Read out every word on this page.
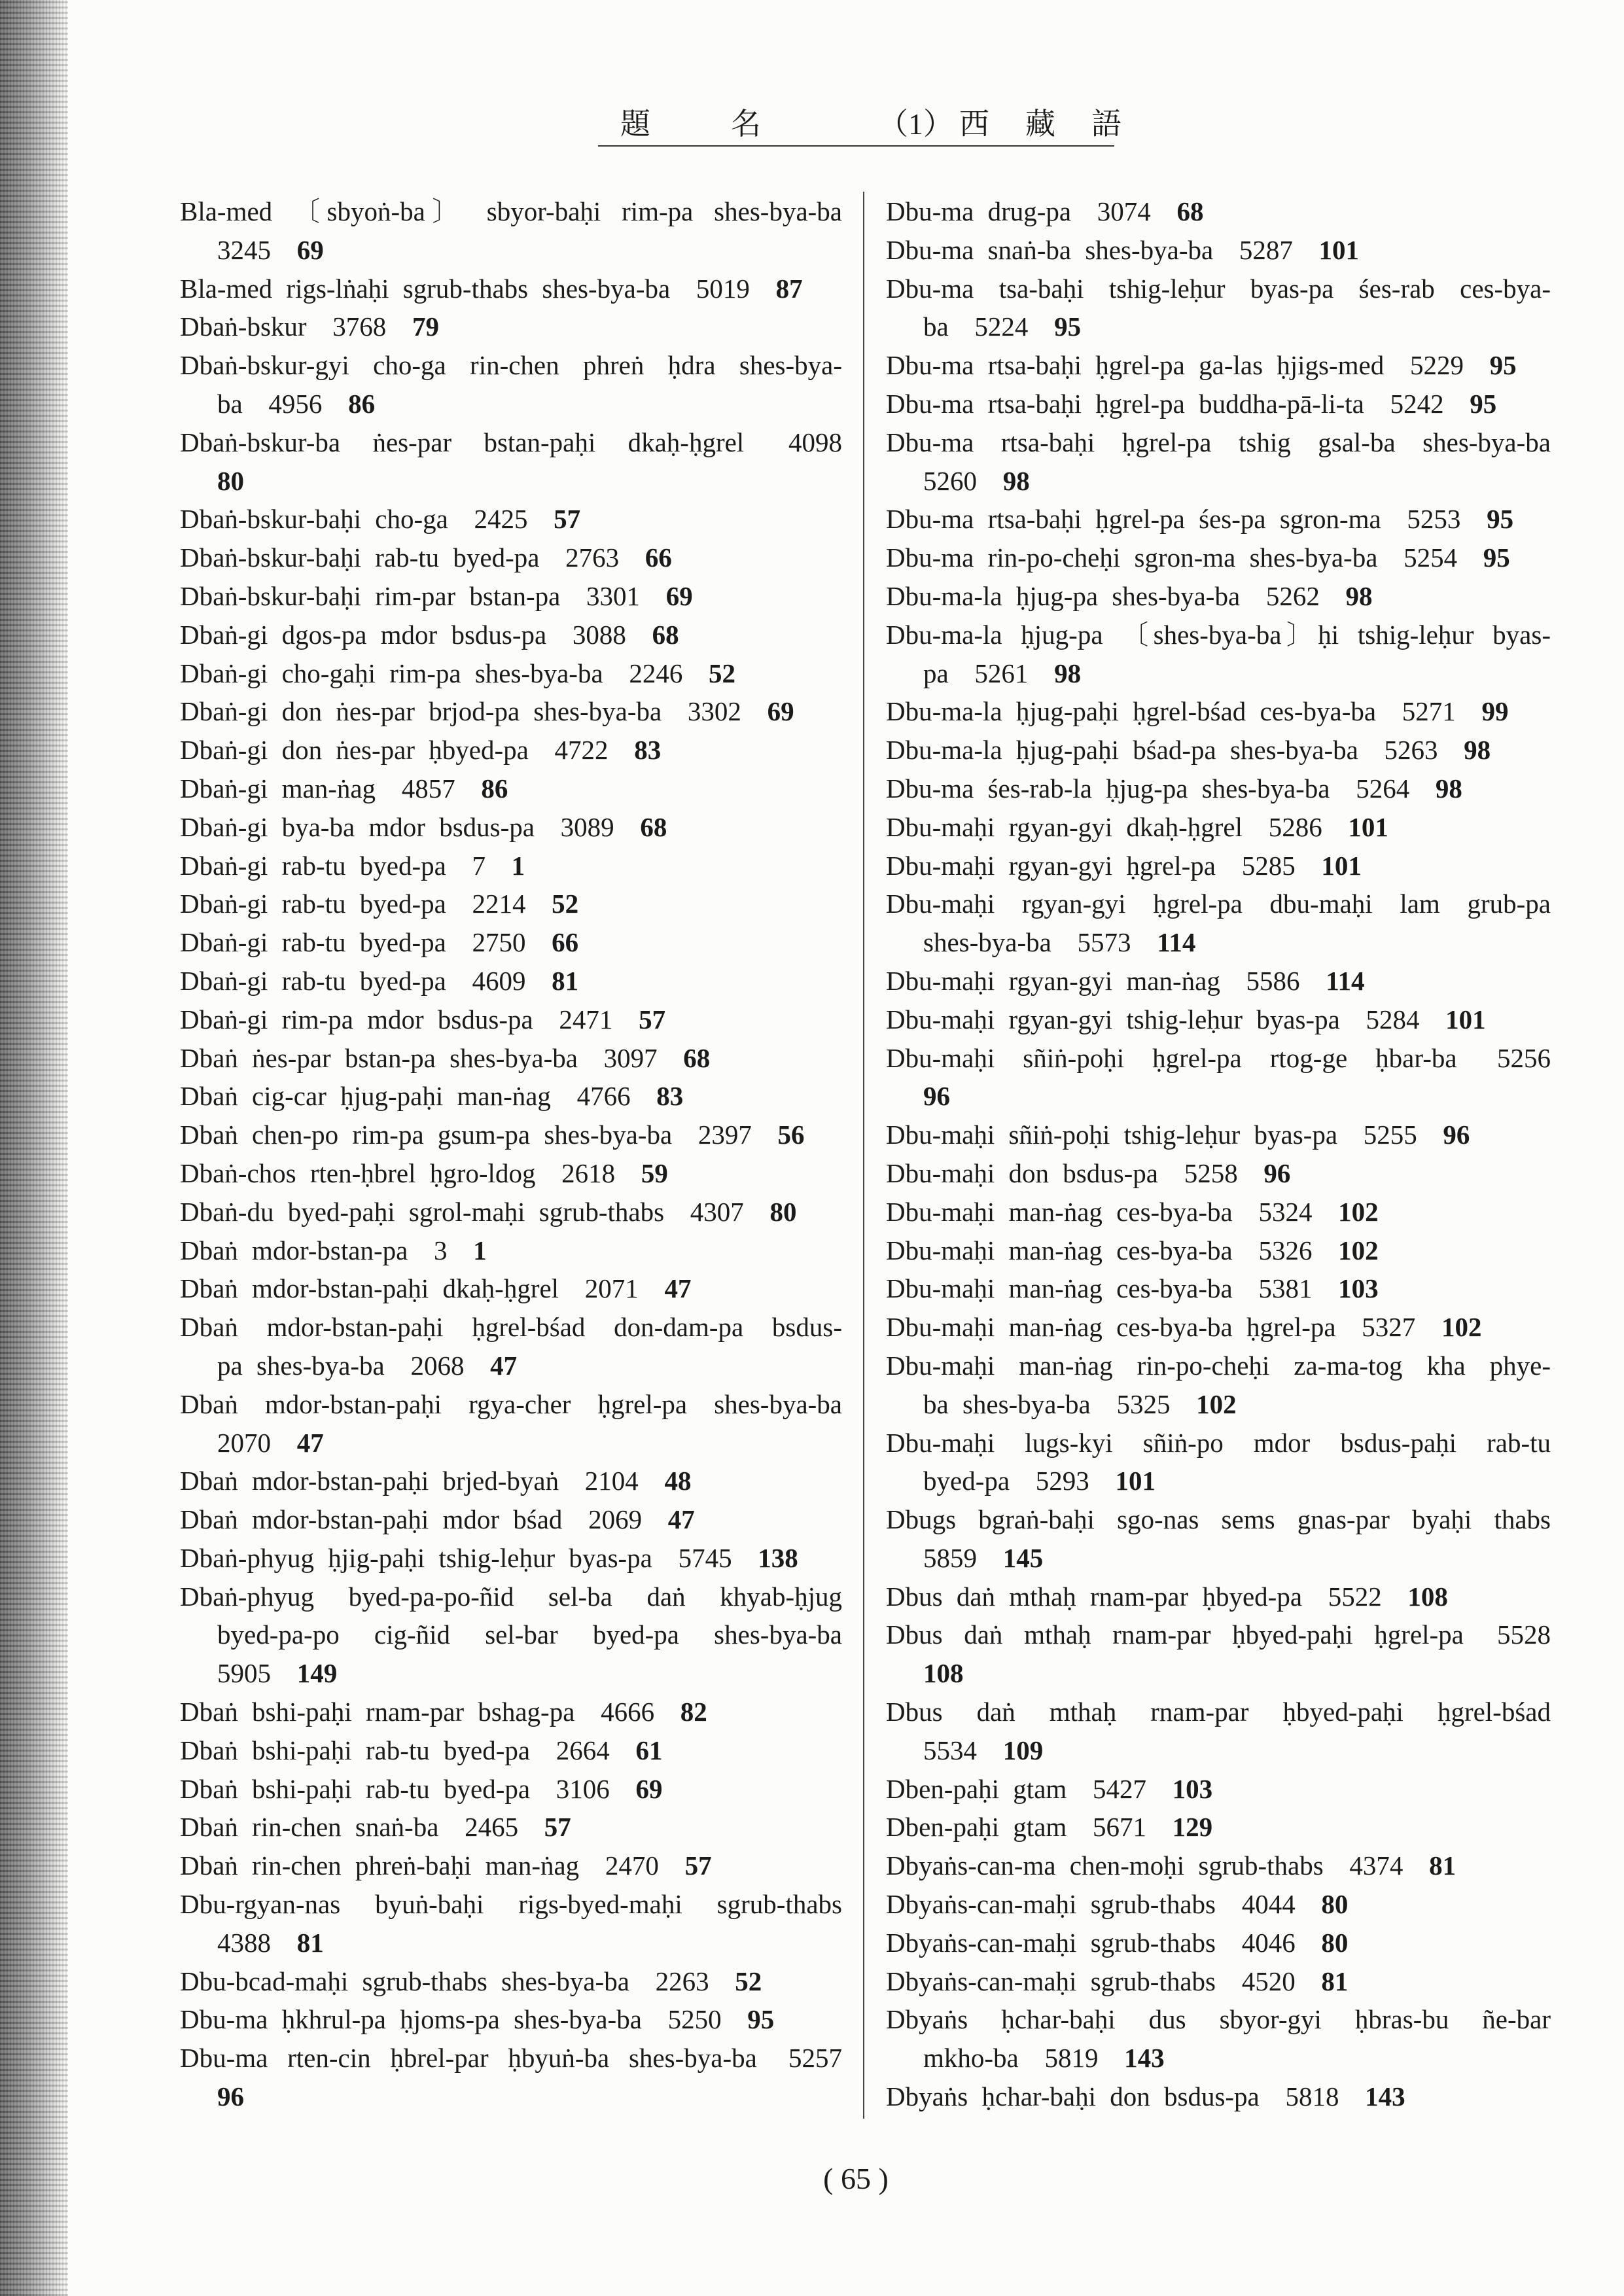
題名 （1） 西藏語
Bla-med 〔sbyoṅ-ba〕 sbyor-baḥi rim-pa shes-bya-ba
3245 69
Bla-med rigs-lṅaḥi sgrub-thabs shes-bya-ba 5019 87
Dbaṅ-bskur 3768 79
Dbaṅ-bskur-gyi cho-ga rin-chen phreṅ ḥdra shes-bya-
ba 4956 86
Dbaṅ-bskur-ba ṅes-par bstan-paḥi dkaḥ-ḥgrel 4098
80
Dbaṅ-bskur-baḥi cho-ga 2425 57
Dbaṅ-bskur-baḥi rab-tu byed-pa 2763 66
Dbaṅ-bskur-baḥi rim-par bstan-pa 3301 69
Dbaṅ-gi dgos-pa mdor bsdus-pa 3088 68
Dbaṅ-gi cho-gaḥi rim-pa shes-bya-ba 2246 52
Dbaṅ-gi don ṅes-par brjod-pa shes-bya-ba 3302 69
Dbaṅ-gi don ṅes-par ḥbyed-pa 4722 83
Dbaṅ-gi man-ṅag 4857 86
Dbaṅ-gi bya-ba mdor bsdus-pa 3089 68
Dbaṅ-gi rab-tu byed-pa 7 1
Dbaṅ-gi rab-tu byed-pa 2214 52
Dbaṅ-gi rab-tu byed-pa 2750 66
Dbaṅ-gi rab-tu byed-pa 4609 81
Dbaṅ-gi rim-pa mdor bsdus-pa 2471 57
Dbaṅ ṅes-par bstan-pa shes-bya-ba 3097 68
Dbaṅ cig-car ḥjug-paḥi man-ṅag 4766 83
Dbaṅ chen-po rim-pa gsum-pa shes-bya-ba 2397 56
Dbaṅ-chos rten-ḥbrel ḥgro-ldog 2618 59
Dbaṅ-du byed-paḥi sgrol-maḥi sgrub-thabs 4307 80
Dbaṅ mdor-bstan-pa 3 1
Dbaṅ mdor-bstan-paḥi dkaḥ-ḥgrel 2071 47
Dbaṅ mdor-bstan-paḥi ḥgrel-bśad don-dam-pa bsdus-
pa shes-bya-ba 2068 47
Dbaṅ mdor-bstan-paḥi rgya-cher ḥgrel-pa shes-bya-ba
2070 47
Dbaṅ mdor-bstan-paḥi brjed-byaṅ 2104 48
Dbaṅ mdor-bstan-paḥi mdor bśad 2069 47
Dbaṅ-phyug ḥjig-paḥi tshig-leḥur byas-pa 5745 138
Dbaṅ-phyug byed-pa-po-ñid sel-ba daṅ khyab-ḥjug
byed-pa-po cig-ñid sel-bar byed-pa shes-bya-ba
5905 149
Dbaṅ bshi-paḥi rnam-par bshag-pa 4666 82
Dbaṅ bshi-paḥi rab-tu byed-pa 2664 61
Dbaṅ bshi-paḥi rab-tu byed-pa 3106 69
Dbaṅ rin-chen snaṅ-ba 2465 57
Dbaṅ rin-chen phreṅ-baḥi man-ṅag 2470 57
Dbu-rgyan-nas byuṅ-baḥi rigs-byed-maḥi sgrub-thabs
4388 81
Dbu-bcad-maḥi sgrub-thabs shes-bya-ba 2263 52
Dbu-ma ḥkhrul-pa ḥjoms-pa shes-bya-ba 5250 95
Dbu-ma rten-cin ḥbrel-par ḥbyuṅ-ba shes-bya-ba 5257
96
Dbu-ma drug-pa 3074 68
Dbu-ma snaṅ-ba shes-bya-ba 5287 101
Dbu-ma tsa-baḥi tshig-leḥur byas-pa śes-rab ces-bya-
ba 5224 95
Dbu-ma rtsa-baḥi ḥgrel-pa ga-las ḥjigs-med 5229 95
Dbu-ma rtsa-baḥi ḥgrel-pa buddha-pā-li-ta 5242 95
Dbu-ma rtsa-baḥi ḥgrel-pa tshig gsal-ba shes-bya-ba
5260 98
Dbu-ma rtsa-baḥi ḥgrel-pa śes-pa sgron-ma 5253 95
Dbu-ma rin-po-cheḥi sgron-ma shes-bya-ba 5254 95
Dbu-ma-la ḥjug-pa shes-bya-ba 5262 98
Dbu-ma-la ḥjug-pa 〔shes-bya-ba〕ḥi tshig-leḥur byas-
pa 5261 98
Dbu-ma-la ḥjug-paḥi ḥgrel-bśad ces-bya-ba 5271 99
Dbu-ma-la ḥjug-paḥi bśad-pa shes-bya-ba 5263 98
Dbu-ma śes-rab-la ḥjug-pa shes-bya-ba 5264 98
Dbu-maḥi rgyan-gyi dkaḥ-ḥgrel 5286 101
Dbu-maḥi rgyan-gyi ḥgrel-pa 5285 101
Dbu-maḥi rgyan-gyi ḥgrel-pa dbu-maḥi lam grub-pa
shes-bya-ba 5573 114
Dbu-maḥi rgyan-gyi man-ṅag 5586 114
Dbu-maḥi rgyan-gyi tshig-leḥur byas-pa 5284 101
Dbu-maḥi sñiṅ-poḥi ḥgrel-pa rtog-ge ḥbar-ba 5256
96
Dbu-maḥi sñiṅ-poḥi tshig-leḥur byas-pa 5255 96
Dbu-maḥi don bsdus-pa 5258 96
Dbu-maḥi man-ṅag ces-bya-ba 5324 102
Dbu-maḥi man-ṅag ces-bya-ba 5326 102
Dbu-maḥi man-ṅag ces-bya-ba 5381 103
Dbu-maḥi man-ṅag ces-bya-ba ḥgrel-pa 5327 102
Dbu-maḥi man-ṅag rin-po-cheḥi za-ma-tog kha phye-
ba shes-bya-ba 5325 102
Dbu-maḥi lugs-kyi sñiṅ-po mdor bsdus-paḥi rab-tu
byed-pa 5293 101
Dbugs bgraṅ-baḥi sgo-nas sems gnas-par byaḥi thabs
5859 145
Dbus daṅ mthaḥ rnam-par ḥbyed-pa 5522 108
Dbus daṅ mthaḥ rnam-par ḥbyed-paḥi ḥgrel-pa 5528
108
Dbus daṅ mthaḥ rnam-par ḥbyed-paḥi ḥgrel-bśad
5534 109
Dben-paḥi gtam 5427 103
Dben-paḥi gtam 5671 129
Dbyaṅs-can-ma chen-moḥi sgrub-thabs 4374 81
Dbyaṅs-can-maḥi sgrub-thabs 4044 80
Dbyaṅs-can-maḥi sgrub-thabs 4046 80
Dbyaṅs-can-maḥi sgrub-thabs 4520 81
Dbyaṅs ḥchar-baḥi dus sbyor-gyi ḥbras-bu ñe-bar
mkho-ba 5819 143
Dbyaṅs ḥchar-baḥi don bsdus-pa 5818 143
( 65 )
